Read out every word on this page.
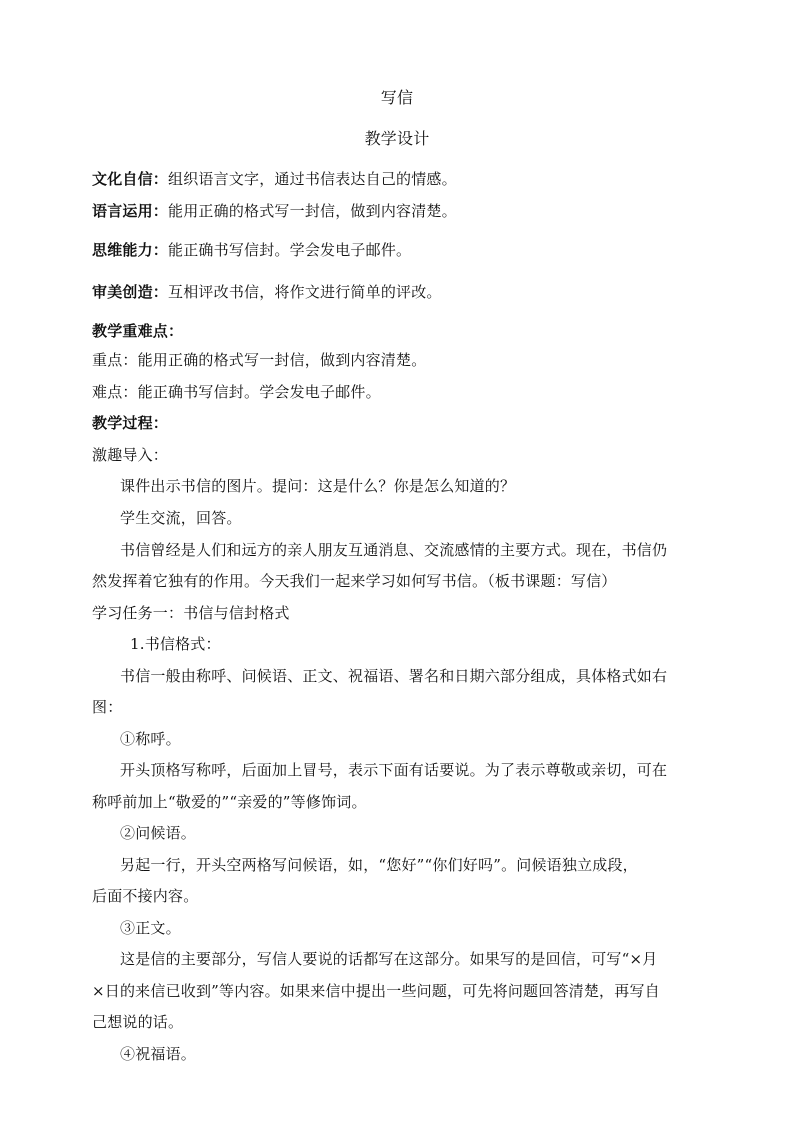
写信
教学设计
文化自信：组织语言文字，通过书信表达自己的情感。
语言运用：能用正确的格式写一封信，做到内容清楚。
思维能力：能正确书写信封。学会发电子邮件。
审美创造：互相评改书信，将作文进行简单的评改。
教学重难点：
重点：能用正确的格式写一封信，做到内容清楚。
难点：能正确书写信封。学会发电子邮件。
教学过程：
激趣导入：
课件出示书信的图片。提问：这是什么？你是怎么知道的？
学生交流，回答。
书信曾经是人们和远方的亲人朋友互通消息、交流感情的主要方式。现在，书信仍
然发挥着它独有的作用。今天我们一起来学习如何写书信。（板书课题：写信）
学习任务一：书信与信封格式
1.书信格式：
书信一般由称呼、问候语、正文、祝福语、署名和日期六部分组成，具体格式如右
图：
①称呼。
开头顶格写称呼，后面加上冒号，表示下面有话要说。为了表示尊敬或亲切，可在
称呼前加上“敬爱的”“亲爱的”等修饰词。
②问候语。
另起一行，开头空两格写问候语，如，“您好”“你们好吗”。问候语独立成段，
后面不接内容。
③正文。
这是信的主要部分，写信人要说的话都写在这部分。如果写的是回信，可写“×月
×日的来信已收到”等内容。如果来信中提出一些问题，可先将问题回答清楚，再写自
己想说的话。
④祝福语。
